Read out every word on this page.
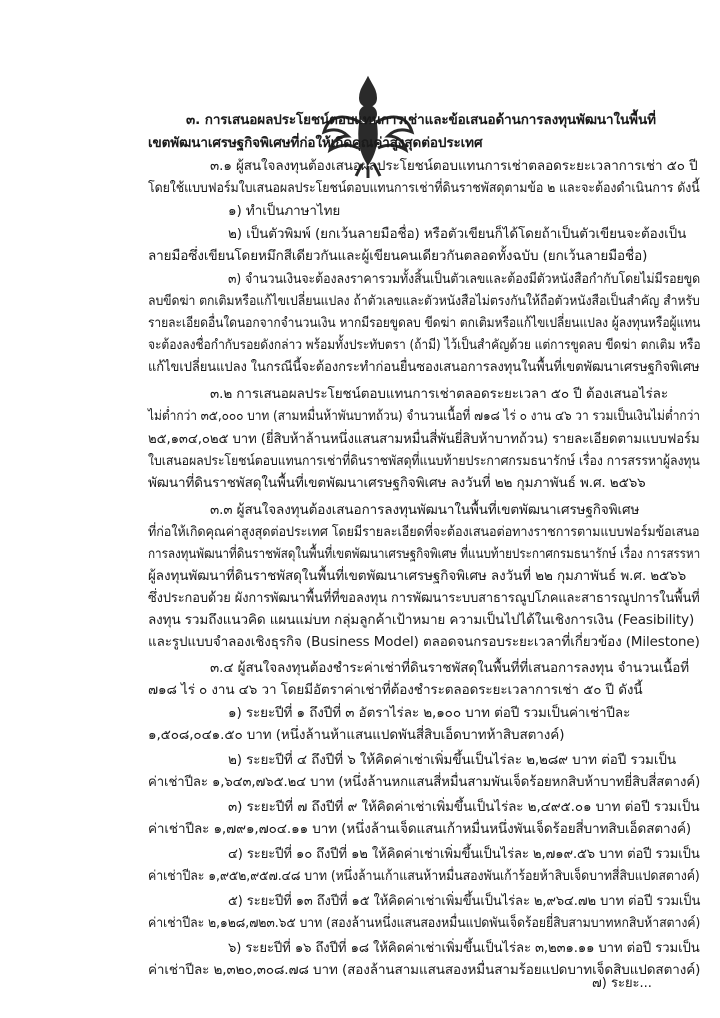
๓. การเสนอผลประโยชน์ตอบแทนการเช่าและข้อเสนอด้านการลงทุนพัฒนาในพื้นที่
เขตพัฒนาเศรษฐกิจพิเศษที่ก่อให้เกิดคุณค่าสูงสุดต่อประเทศ
๓.๑ ผู้สนใจลงทุนต้องเสนอผลประโยชน์ตอบแทนการเช่าตลอดระยะเวลาการเช่า ๕๐ ปี
โดยใช้แบบฟอร์มใบเสนอผลประโยชน์ตอบแทนการเช่าที่ดินราชพัสดุตามข้อ ๒ และจะต้องดำเนินการ ดังนี้
๑) ทำเป็นภาษาไทย
๒) เป็นตัวพิมพ์ (ยกเว้นลายมือชื่อ) หรือตัวเขียนก็ได้โดยถ้าเป็นตัวเขียนจะต้องเป็น
ลายมือซึ่งเขียนโดยหมึกสีเดียวกันและผู้เขียนคนเดียวกันตลอดทั้งฉบับ (ยกเว้นลายมือชื่อ)
๓) จำนวนเงินจะต้องลงราคารวมทั้งสิ้นเป็นตัวเลขและต้องมีตัวหนังสือกำกับโดยไม่มีรอยขูด
ลบขีดฆ่า ตกเติมหรือแก้ไขเปลี่ยนแปลง ถ้าตัวเลขและตัวหนังสือไม่ตรงกันให้ถือตัวหนังสือเป็นสำคัญ สำหรับ
รายละเอียดอื่นใดนอกจากจำนวนเงิน หากมีรอยขูดลบ ขีดฆ่า ตกเติมหรือแก้ไขเปลี่ยนแปลง ผู้ลงทุนหรือผู้แทน
จะต้องลงชื่อกำกับรอยดังกล่าว พร้อมทั้งประทับตรา (ถ้ามี) ไว้เป็นสำคัญด้วย แต่การขูดลบ ขีดฆ่า ตกเติม หรือ
แก้ไขเปลี่ยนแปลง ในกรณีนี้จะต้องกระทำก่อนยื่นซองเสนอการลงทุนในพื้นที่เขตพัฒนาเศรษฐกิจพิเศษ
๓.๒ การเสนอผลประโยชน์ตอบแทนการเช่าตลอดระยะเวลา ๕๐ ปี ต้องเสนอไร่ละ
ไม่ต่ำกว่า ๓๕,๐๐๐ บาท (สามหมื่นห้าพันบาทถ้วน) จำนวนเนื้อที่ ๗๑๘ ไร่ ๐ งาน ๔๖ วา รวมเป็นเงินไม่ต่ำกว่า
๒๕,๑๓๔,๐๒๕ บาท (ยี่สิบห้าล้านหนึ่งแสนสามหมื่นสี่พันยี่สิบห้าบาทถ้วน) รายละเอียดตามแบบฟอร์ม
ใบเสนอผลประโยชน์ตอบแทนการเช่าที่ดินราชพัสดุที่แนบท้ายประกาศกรมธนารักษ์ เรื่อง การสรรหาผู้ลงทุน
พัฒนาที่ดินราชพัสดุในพื้นที่เขตพัฒนาเศรษฐกิจพิเศษ ลงวันที่ ๒๒ กุมภาพันธ์ พ.ศ. ๒๕๖๖
๓.๓ ผู้สนใจลงทุนต้องเสนอการลงทุนพัฒนาในพื้นที่เขตพัฒนาเศรษฐกิจพิเศษ
ที่ก่อให้เกิดคุณค่าสูงสุดต่อประเทศ โดยมีรายละเอียดที่จะต้องเสนอต่อทางราชการตามแบบฟอร์มข้อเสนอ
การลงทุนพัฒนาที่ดินราชพัสดุในพื้นที่เขตพัฒนาเศรษฐกิจพิเศษ ที่แนบท้ายประกาศกรมธนารักษ์ เรื่อง การสรรหา
ผู้ลงทุนพัฒนาที่ดินราชพัสดุในพื้นที่เขตพัฒนาเศรษฐกิจพิเศษ ลงวันที่ ๒๒ กุมภาพันธ์ พ.ศ. ๒๕๖๖
ซึ่งประกอบด้วย ผังการพัฒนาพื้นที่ที่ขอลงทุน การพัฒนาระบบสาธารณูปโภคและสาธารณูปการในพื้นที่
ลงทุน รวมถึงแนวคิด แผนแม่บท กลุ่มลูกค้าเป้าหมาย ความเป็นไปได้ในเชิงการเงิน (Feasibility)
และรูปแบบจำลองเชิงธุรกิจ (Business Model) ตลอดจนกรอบระยะเวลาที่เกี่ยวข้อง (Milestone)
๓.๔ ผู้สนใจลงทุนต้องชำระค่าเช่าที่ดินราชพัสดุในพื้นที่ที่เสนอการลงทุน จำนวนเนื้อที่
๗๑๘ ไร่ ๐ งาน ๔๖ วา โดยมีอัตราค่าเช่าที่ต้องชำระตลอดระยะเวลาการเช่า ๕๐ ปี ดังนี้
๑) ระยะปีที่ ๑ ถึงปีที่ ๓ อัตราไร่ละ ๒,๑๐๐ บาท ต่อปี รวมเป็นค่าเช่าปีละ
๑,๕๐๘,๐๔๑.๕๐ บาท (หนึ่งล้านห้าแสนแปดพันสี่สิบเอ็ดบาทห้าสิบสตางค์)
๒) ระยะปีที่ ๔ ถึงปีที่ ๖ ให้คิดค่าเช่าเพิ่มขึ้นเป็นไร่ละ ๒,๒๘๙ บาท ต่อปี รวมเป็น
ค่าเช่าปีละ ๑,๖๔๓,๗๖๕.๒๔ บาท (หนึ่งล้านหกแสนสี่หมื่นสามพันเจ็ดร้อยหกสิบห้าบาทยี่สิบสี่สตางค์)
๓) ระยะปีที่ ๗ ถึงปีที่ ๙ ให้คิดค่าเช่าเพิ่มขึ้นเป็นไร่ละ ๒,๔๙๕.๐๑ บาท ต่อปี รวมเป็น
ค่าเช่าปีละ ๑,๗๙๑,๗๐๔.๑๑ บาท (หนึ่งล้านเจ็ดแสนเก้าหมื่นหนึ่งพันเจ็ดร้อยสี่บาทสิบเอ็ดสตางค์)
๔) ระยะปีที่ ๑๐ ถึงปีที่ ๑๒ ให้คิดค่าเช่าเพิ่มขึ้นเป็นไร่ละ ๒,๗๑๙.๕๖ บาท ต่อปี รวมเป็น
ค่าเช่าปีละ ๑,๙๕๒,๙๕๗.๔๘ บาท (หนึ่งล้านเก้าแสนห้าหมื่นสองพันเก้าร้อยห้าสิบเจ็ดบาทสี่สิบแปดสตางค์)
๕) ระยะปีที่ ๑๓ ถึงปีที่ ๑๕ ให้คิดค่าเช่าเพิ่มขึ้นเป็นไร่ละ ๒,๙๖๔.๗๒ บาท ต่อปี รวมเป็น
ค่าเช่าปีละ ๒,๑๒๘,๗๒๓.๖๕ บาท (สองล้านหนึ่งแสนสองหมื่นแปดพันเจ็ดร้อยยี่สิบสามบาทหกสิบห้าสตางค์)
๖) ระยะปีที่ ๑๖ ถึงปีที่ ๑๘ ให้คิดค่าเช่าเพิ่มขึ้นเป็นไร่ละ ๓,๒๓๑.๑๑ บาท ต่อปี รวมเป็น
ค่าเช่าปีละ ๒,๓๒๐,๓๐๘.๗๘ บาท (สองล้านสามแสนสองหมื่นสามร้อยแปดบาทเจ็ดสิบแปดสตางค์)
๗) ระยะ...
